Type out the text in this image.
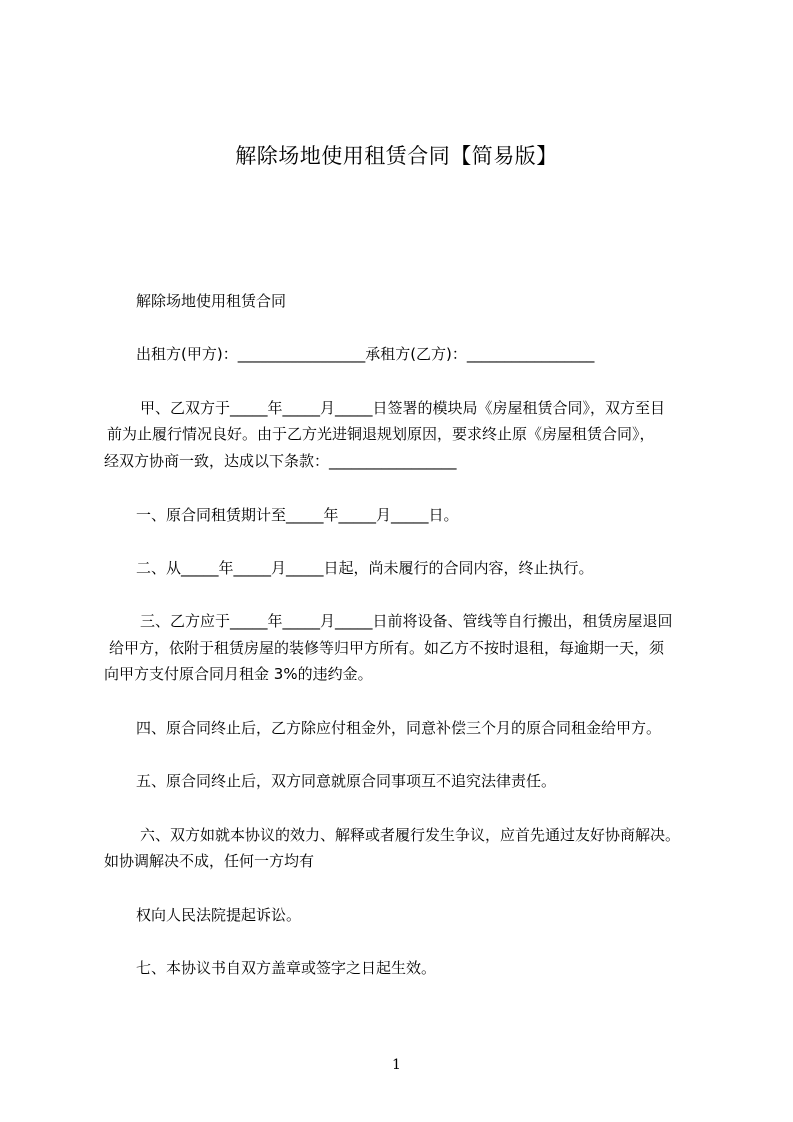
解除场地使用租赁合同【简易版】
解除场地使用租赁合同
出租方(甲方)：_________________承租方(乙方)：_________________
甲、乙双方于_____年_____月_____日签署的模块局《房屋租赁合同》，双方至目
前为止履行情况良好。由于乙方光进铜退规划原因，要求终止原《房屋租赁合同》，
经双方协商一致，达成以下条款：_________________
一、原合同租赁期计至_____年_____月_____日。
二、从_____年_____月_____日起，尚未履行的合同内容，终止执行。
三、乙方应于_____年_____月_____日前将设备、管线等自行搬出，租赁房屋退回
给甲方，依附于租赁房屋的装修等归甲方所有。如乙方不按时退租，每逾期一天，须
向甲方支付原合同月租金 3%的违约金。
四、原合同终止后，乙方除应付租金外，同意补偿三个月的原合同租金给甲方。
五、原合同终止后，双方同意就原合同事项互不追究法律责任。
六、双方如就本协议的效力、解释或者履行发生争议，应首先通过友好协商解决。
如协调解决不成，任何一方均有
权向人民法院提起诉讼。
七、本协议书自双方盖章或签字之日起生效。
1
